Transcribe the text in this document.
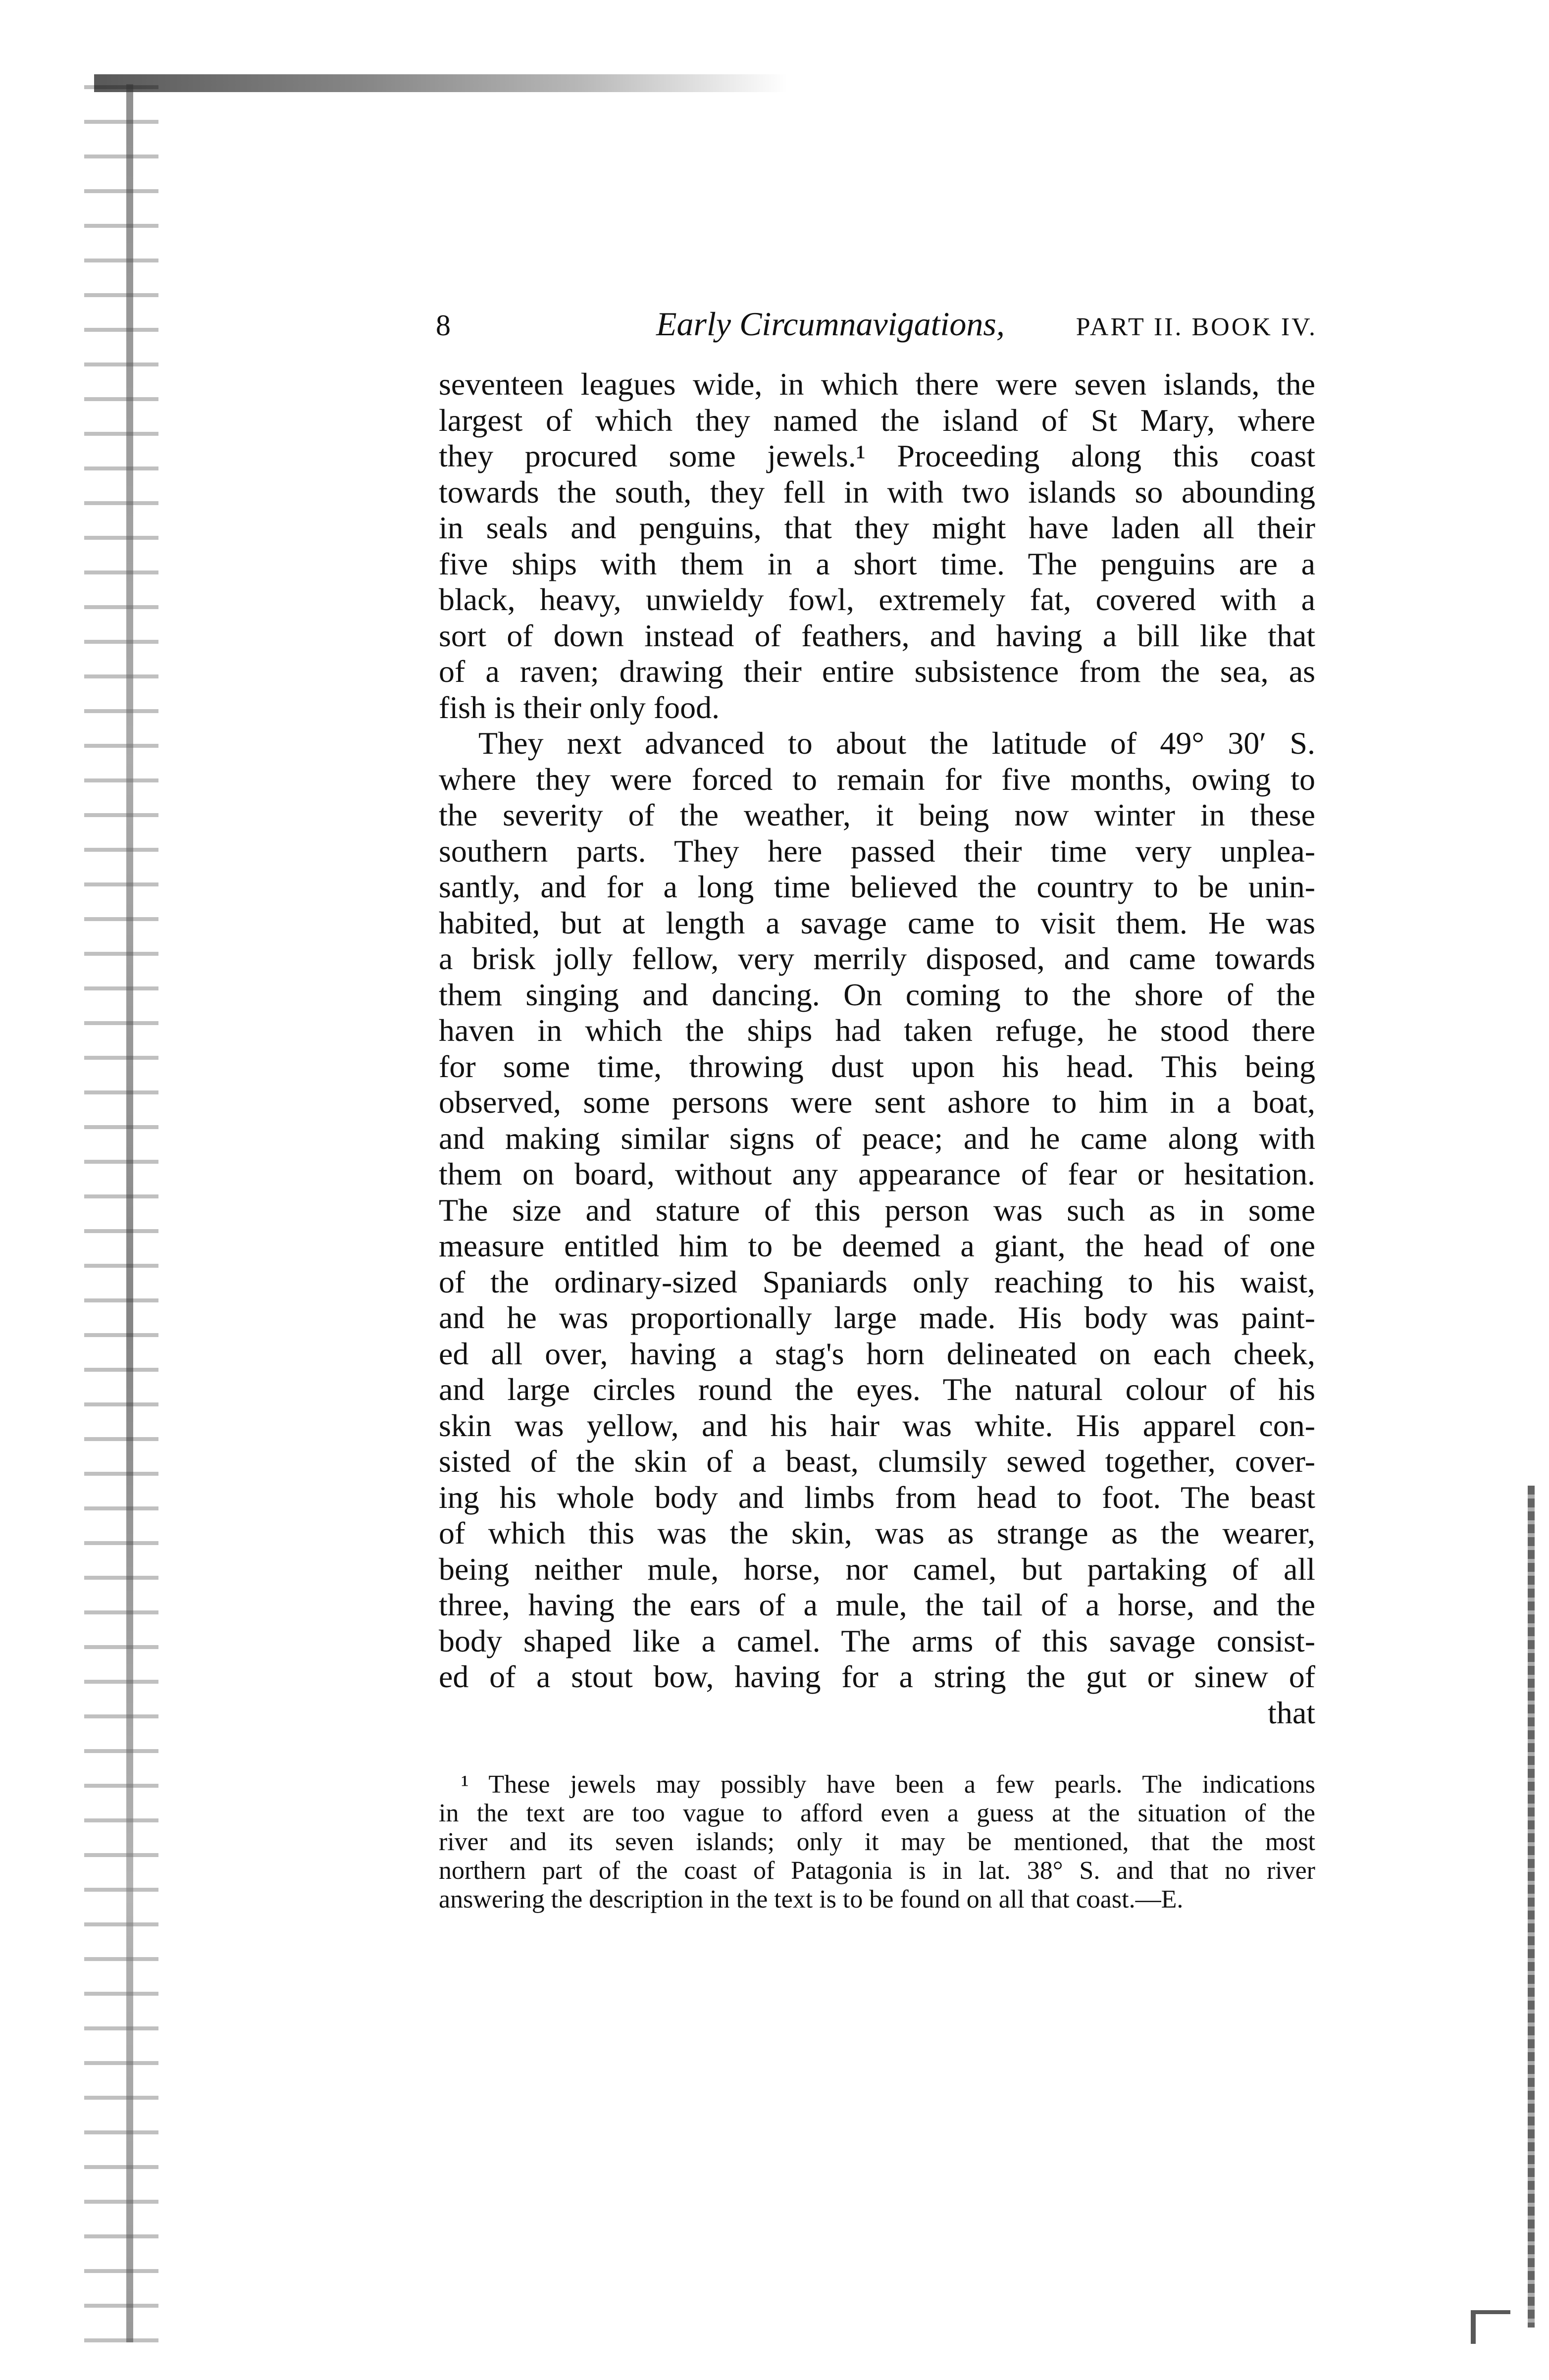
8	Early Circumnavigations,	PART II. BOOK IV.
seventeen leagues wide, in which there were seven islands, the
largest of which they named the island of St Mary, where
they procured some jewels.¹ Proceeding along this coast
towards the south, they fell in with two islands so abounding
in seals and penguins, that they might have laden all their
five ships with them in a short time. The penguins are a
black, heavy, unwieldy fowl, extremely fat, covered with a
sort of down instead of feathers, and having a bill like that
of a raven; drawing their entire subsistence from the sea, as
fish is their only food.
They next advanced to about the latitude of 49° 30′ S.
where they were forced to remain for five months, owing to
the severity of the weather, it being now winter in these
southern parts. They here passed their time very unplea-
santly, and for a long time believed the country to be unin-
habited, but at length a savage came to visit them. He was
a brisk jolly fellow, very merrily disposed, and came towards
them singing and dancing. On coming to the shore of the
haven in which the ships had taken refuge, he stood there
for some time, throwing dust upon his head. This being
observed, some persons were sent ashore to him in a boat,
and making similar signs of peace; and he came along with
them on board, without any appearance of fear or hesitation.
The size and stature of this person was such as in some
measure entitled him to be deemed a giant, the head of one
of the ordinary-sized Spaniards only reaching to his waist,
and he was proportionally large made. His body was paint-
ed all over, having a stag's horn delineated on each cheek,
and large circles round the eyes. The natural colour of his
skin was yellow, and his hair was white. His apparel con-
sisted of the skin of a beast, clumsily sewed together, cover-
ing his whole body and limbs from head to foot. The beast
of which this was the skin, was as strange as the wearer,
being neither mule, horse, nor camel, but partaking of all
three, having the ears of a mule, the tail of a horse, and the
body shaped like a camel. The arms of this savage consist-
ed of a stout bow, having for a string the gut or sinew of
that
¹ These jewels may possibly have been a few pearls. The indications
in the text are too vague to afford even a guess at the situation of the
river and its seven islands; only it may be mentioned, that the most
northern part of the coast of Patagonia is in lat. 38° S. and that no river
answering the description in the text is to be found on all that coast.—E.
